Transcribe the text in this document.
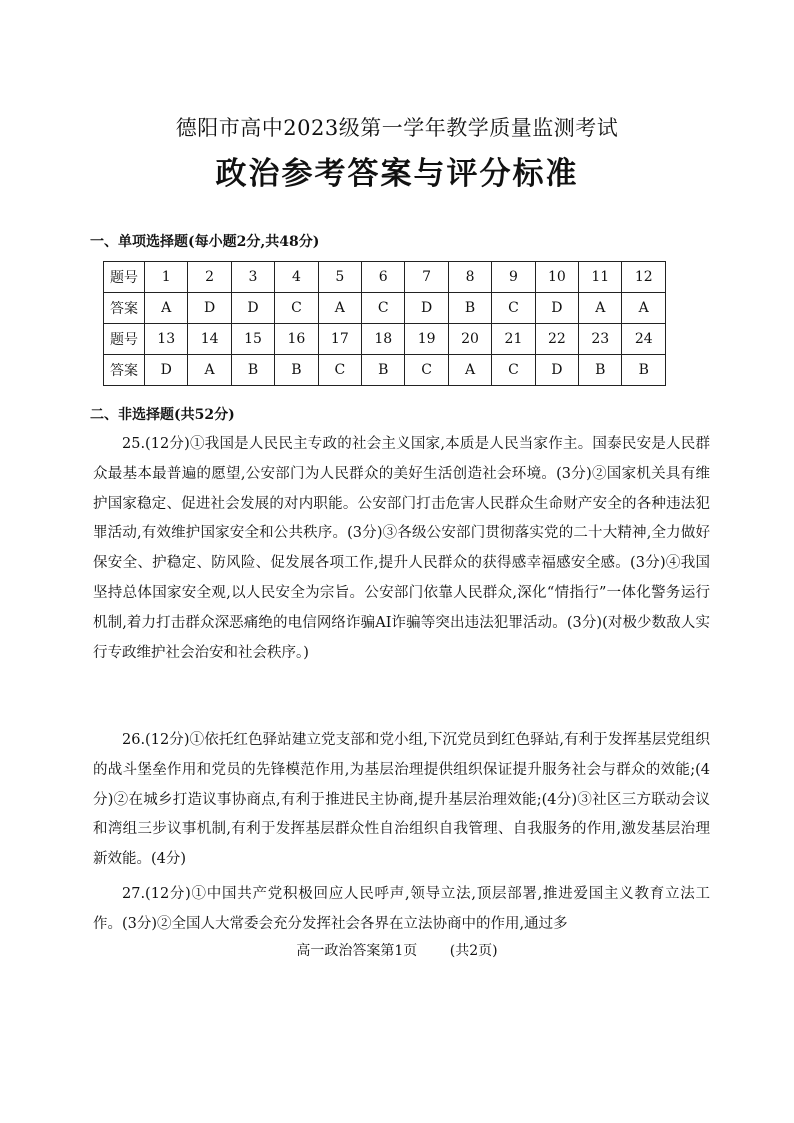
德阳市高中2023级第一学年教学质量监测考试
政治参考答案与评分标准
一、单项选择题(每小题2分,共48分)
题号	1	2	3	4	5	6	7	8	9	10	11	12
答案	A	D	D	C	A	C	D	B	C	D	A	A
题号	13	14	15	16	17	18	19	20	21	22	23	24
答案	D	A	B	B	C	B	C	A	C	D	B	B
二、非选择题(共52分)

25.(12分)①我国是人民民主专政的社会主义国家,本质是人民当家作主。国泰民安是人民群众最基本最普遍的愿望,公安部门为人民群众的美好生活创造社会环境。(3分)②国家机关具有维护国家稳定、促进社会发展的对内职能。公安部门打击危害人民群众生命财产安全的各种违法犯罪活动,有效维护国家安全和公共秩序。(3分)③各级公安部门贯彻落实党的二十大精神,全力做好保安全、护稳定、防风险、促发展各项工作,提升人民群众的获得感幸福感安全感。(3分)④我国坚持总体国家安全观,以人民安全为宗旨。公安部门依靠人民群众,深化“情指行”一体化警务运行机制,着力打击群众深恶痛绝的电信网络诈骗AI诈骗等突出违法犯罪活动。(3分)(对极少数敌人实行专政维护社会治安和社会秩序。)

26.(12分)①依托红色驿站建立党支部和党小组,下沉党员到红色驿站,有利于发挥基层党组织的战斗堡垒作用和党员的先锋模范作用,为基层治理提供组织保证提升服务社会与群众的效能;(4分)②在城乡打造议事协商点,有利于推进民主协商,提升基层治理效能;(4分)③社区三方联动会议和湾组三步议事机制,有利于发挥基层群众性自治组织自我管理、自我服务的作用,激发基层治理新效能。(4分)

27.(12分)①中国共产党积极回应人民呼声,领导立法,顶层部署,推进爱国主义教育立法工作。(3分)②全国人大常委会充分发挥社会各界在立法协商中的作用,通过多

高一政治答案第1页 (共2页)
